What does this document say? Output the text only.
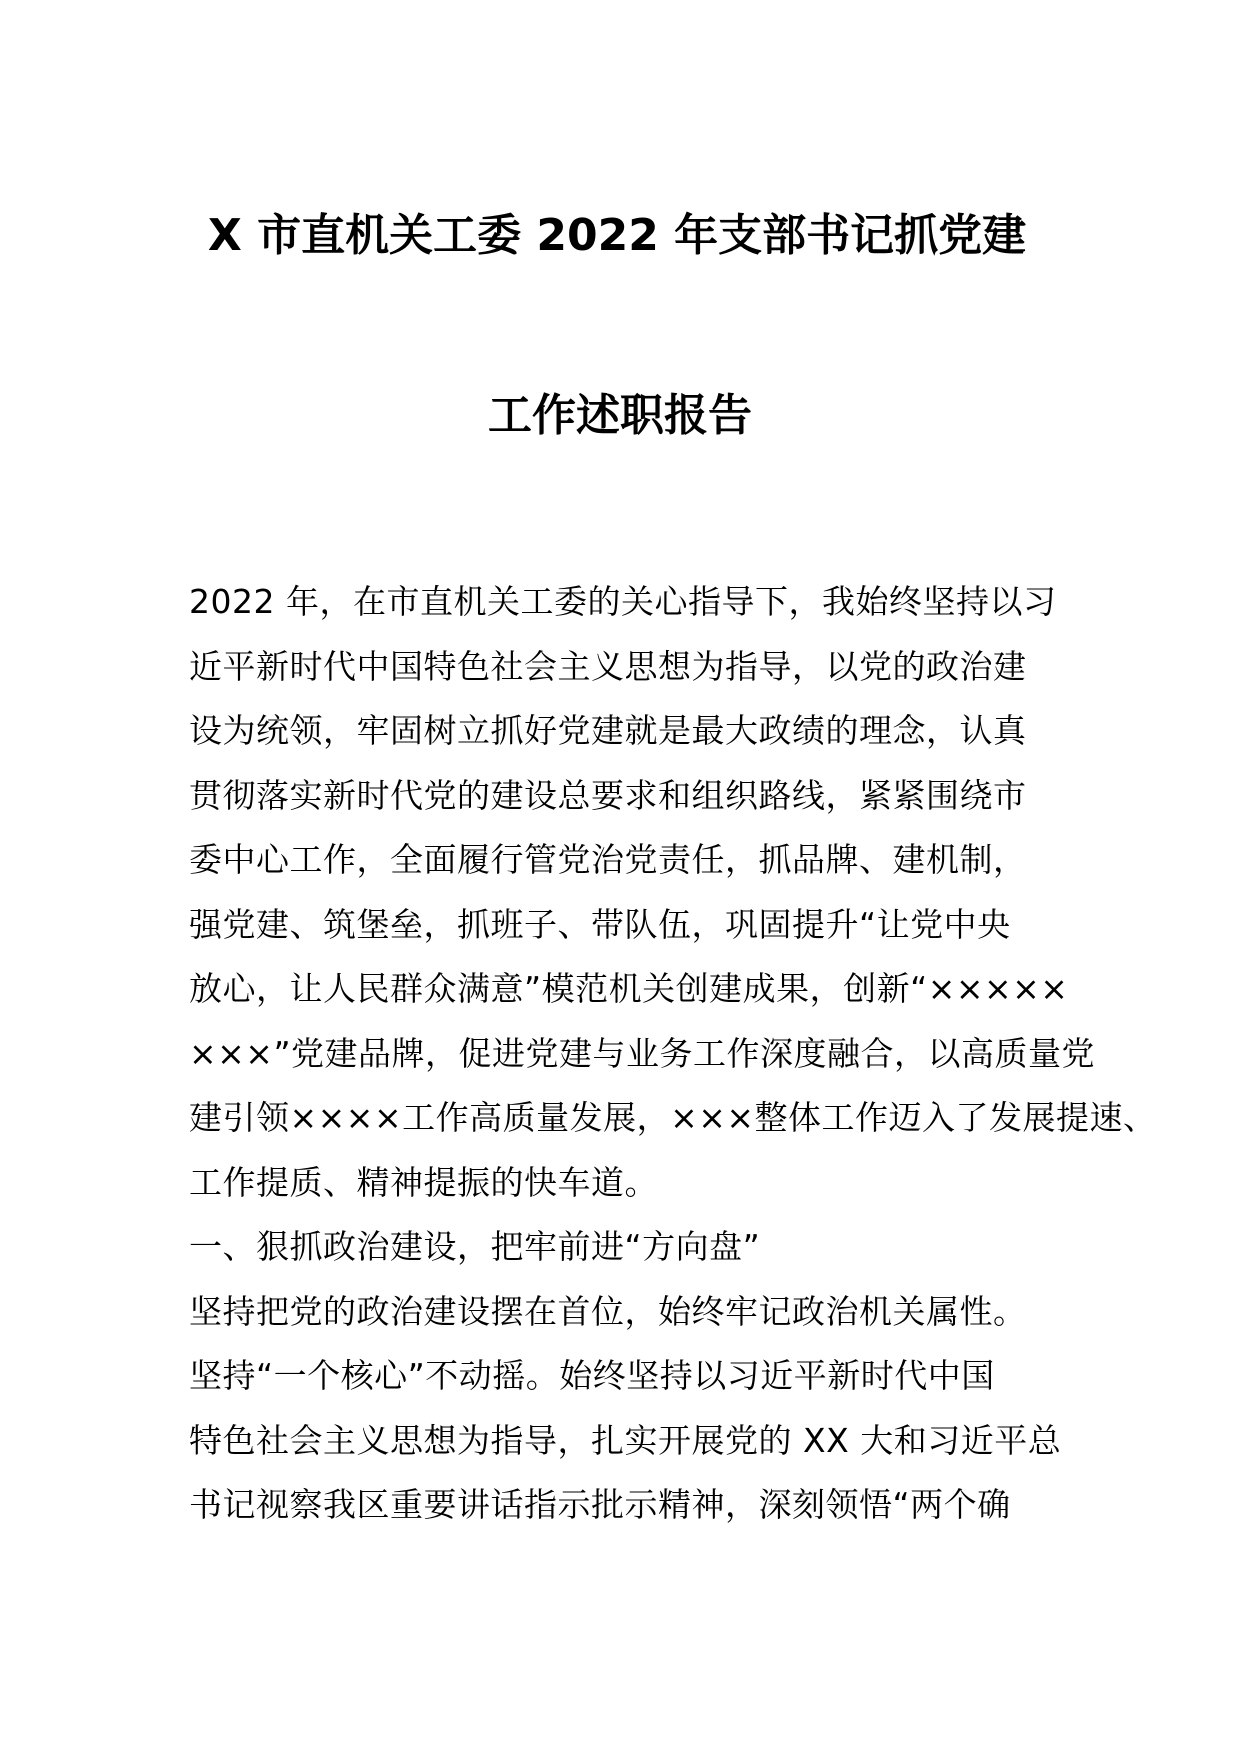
X 市直机关工委 2022 年支部书记抓党建
工作述职报告
2022 年，在市直机关工委的关心指导下，我始终坚持以习
近平新时代中国特色社会主义思想为指导，以党的政治建
设为统领，牢固树立抓好党建就是最大政绩的理念，认真
贯彻落实新时代党的建设总要求和组织路线，紧紧围绕市
委中心工作，全面履行管党治党责任，抓品牌、建机制，
强党建、筑堡垒，抓班子、带队伍，巩固提升“让党中央
放心，让人民群众满意”模范机关创建成果，创新“×××××
×××”党建品牌，促进党建与业务工作深度融合，以高质量党
建引领××××工作高质量发展，×××整体工作迈入了发展提速、
工作提质、精神提振的快车道。
一、狠抓政治建设，把牢前进“方向盘”
坚持把党的政治建设摆在首位，始终牢记政治机关属性。
坚持“一个核心”不动摇。始终坚持以习近平新时代中国
特色社会主义思想为指导，扎实开展党的 XX 大和习近平总
书记视察我区重要讲话指示批示精神，深刻领悟“两个确
